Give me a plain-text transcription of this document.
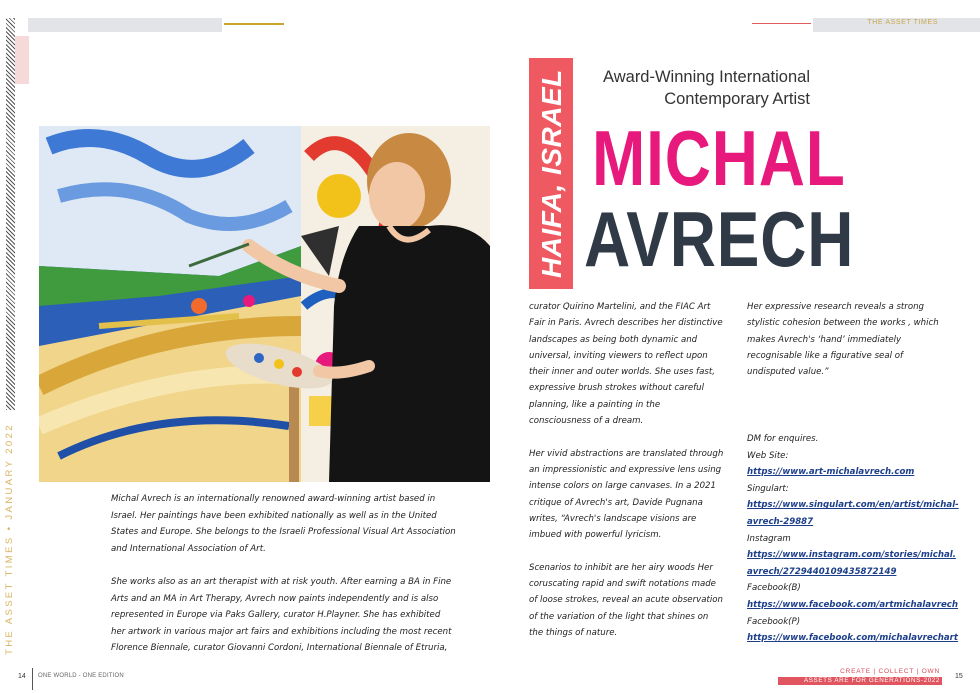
THE ASSET TIMES
THE ASSET TIMES • JANUARY 2022	Michal Avrech is an internationally renowned award-winning artist based in Israel. Her paintings have been exhibited nationally as well as in the United States and Europe. She belongs to the Israeli Professional Visual Art Association and International Association of Art.

She works also as an art therapist with at risk youth. After earning a BA in Fine Arts and an MA in Art Therapy, Avrech now paints independently and is also represented in Europe via Paks Gallery, curator H.Playner. She has exhibited her artwork in various major art fairs and exhibitions including the most recent Florence Biennale, curator Giovanni Cordoni, International Biennale of Etruria,

HAIFA, ISRAEL	Award-Winning International
Contemporary Artist
MICHAL
AVRECH

curator Quirino Martelini, and the FIAC Art Fair in Paris. Avrech describes her distinctive landscapes as being both dynamic and universal, inviting viewers to reflect upon their inner and outer worlds. She uses fast, expressive brush strokes without careful planning, like a painting in the consciousness of a dream.

Her vivid abstractions are translated through an impressionistic and expressive lens using intense colors on large canvases. In a 2021 critique of Avrech's art, Davide Pugnana writes, “Avrech's landscape visions are imbued with powerful lyricism.

Scenarios to inhibit are her airy woods Her coruscating rapid and swift notations made of loose strokes, reveal an acute observation of the variation of the light that shines on the things of nature.

Her expressive research reveals a strong stylistic cohesion between the works , which makes Avrech's ‘hand’ immediately recognisable like a figurative seal of undisputed value.”

DM for enquires.
Web Site:
https://www.art-michalavrech.com
Singulart:
https://www.singulart.com/en/artist/michal-
avrech-29887
Instagram
https://www.instagram.com/stories/michal.
avrech/2729440109435872149
Facebook(B)
https://www.facebook.com/artmichalavrech
Facebook(P)
https://www.facebook.com/michalavrechart
14 ONE WORLD - ONE EDITION
CREATE | COLLECT | OWN
ASSETS ARE FOR GENERATIONS-2022
15
